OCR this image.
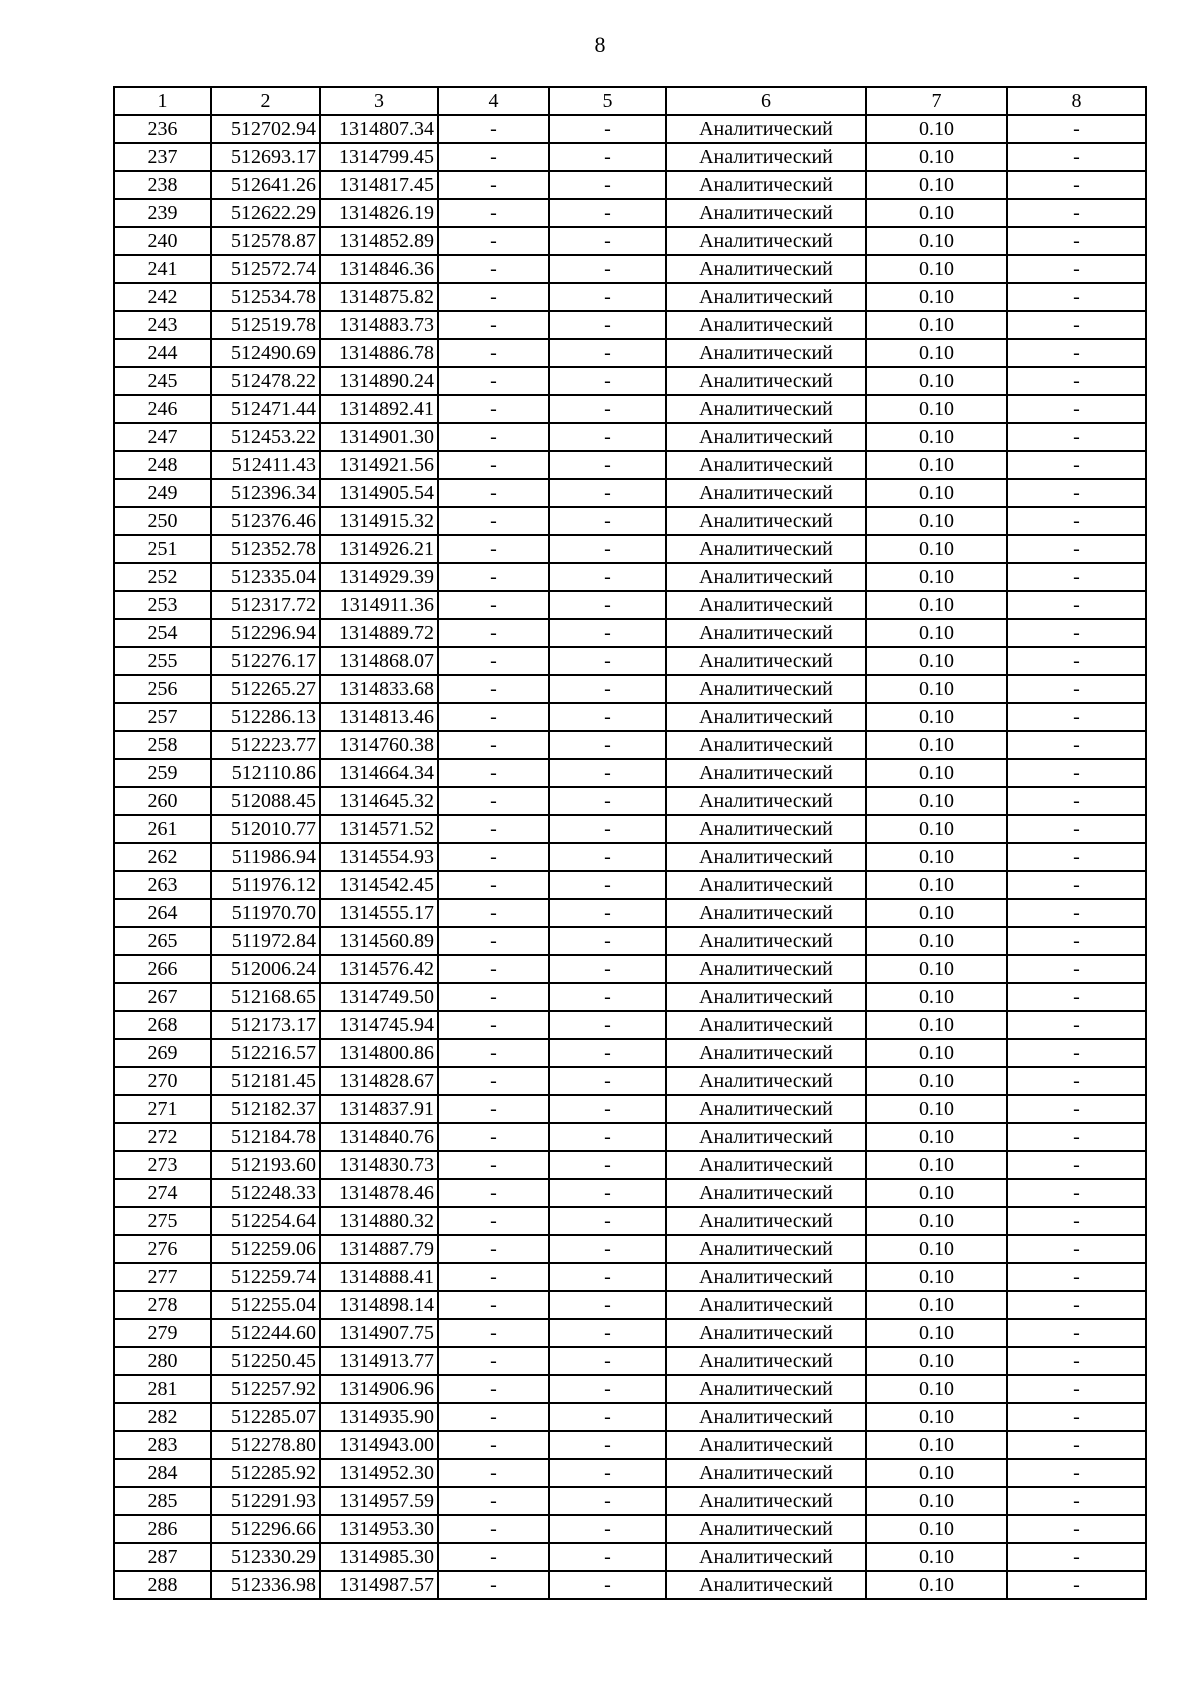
8
1	2	3	4	5	6	7	8
236	512702.94	1314807.34	-	-	Аналитический	0.10	-
237	512693.17	1314799.45	-	-	Аналитический	0.10	-
238	512641.26	1314817.45	-	-	Аналитический	0.10	-
239	512622.29	1314826.19	-	-	Аналитический	0.10	-
240	512578.87	1314852.89	-	-	Аналитический	0.10	-
241	512572.74	1314846.36	-	-	Аналитический	0.10	-
242	512534.78	1314875.82	-	-	Аналитический	0.10	-
243	512519.78	1314883.73	-	-	Аналитический	0.10	-
244	512490.69	1314886.78	-	-	Аналитический	0.10	-
245	512478.22	1314890.24	-	-	Аналитический	0.10	-
246	512471.44	1314892.41	-	-	Аналитический	0.10	-
247	512453.22	1314901.30	-	-	Аналитический	0.10	-
248	512411.43	1314921.56	-	-	Аналитический	0.10	-
249	512396.34	1314905.54	-	-	Аналитический	0.10	-
250	512376.46	1314915.32	-	-	Аналитический	0.10	-
251	512352.78	1314926.21	-	-	Аналитический	0.10	-
252	512335.04	1314929.39	-	-	Аналитический	0.10	-
253	512317.72	1314911.36	-	-	Аналитический	0.10	-
254	512296.94	1314889.72	-	-	Аналитический	0.10	-
255	512276.17	1314868.07	-	-	Аналитический	0.10	-
256	512265.27	1314833.68	-	-	Аналитический	0.10	-
257	512286.13	1314813.46	-	-	Аналитический	0.10	-
258	512223.77	1314760.38	-	-	Аналитический	0.10	-
259	512110.86	1314664.34	-	-	Аналитический	0.10	-
260	512088.45	1314645.32	-	-	Аналитический	0.10	-
261	512010.77	1314571.52	-	-	Аналитический	0.10	-
262	511986.94	1314554.93	-	-	Аналитический	0.10	-
263	511976.12	1314542.45	-	-	Аналитический	0.10	-
264	511970.70	1314555.17	-	-	Аналитический	0.10	-
265	511972.84	1314560.89	-	-	Аналитический	0.10	-
266	512006.24	1314576.42	-	-	Аналитический	0.10	-
267	512168.65	1314749.50	-	-	Аналитический	0.10	-
268	512173.17	1314745.94	-	-	Аналитический	0.10	-
269	512216.57	1314800.86	-	-	Аналитический	0.10	-
270	512181.45	1314828.67	-	-	Аналитический	0.10	-
271	512182.37	1314837.91	-	-	Аналитический	0.10	-
272	512184.78	1314840.76	-	-	Аналитический	0.10	-
273	512193.60	1314830.73	-	-	Аналитический	0.10	-
274	512248.33	1314878.46	-	-	Аналитический	0.10	-
275	512254.64	1314880.32	-	-	Аналитический	0.10	-
276	512259.06	1314887.79	-	-	Аналитический	0.10	-
277	512259.74	1314888.41	-	-	Аналитический	0.10	-
278	512255.04	1314898.14	-	-	Аналитический	0.10	-
279	512244.60	1314907.75	-	-	Аналитический	0.10	-
280	512250.45	1314913.77	-	-	Аналитический	0.10	-
281	512257.92	1314906.96	-	-	Аналитический	0.10	-
282	512285.07	1314935.90	-	-	Аналитический	0.10	-
283	512278.80	1314943.00	-	-	Аналитический	0.10	-
284	512285.92	1314952.30	-	-	Аналитический	0.10	-
285	512291.93	1314957.59	-	-	Аналитический	0.10	-
286	512296.66	1314953.30	-	-	Аналитический	0.10	-
287	512330.29	1314985.30	-	-	Аналитический	0.10	-
288	512336.98	1314987.57	-	-	Аналитический	0.10	-
